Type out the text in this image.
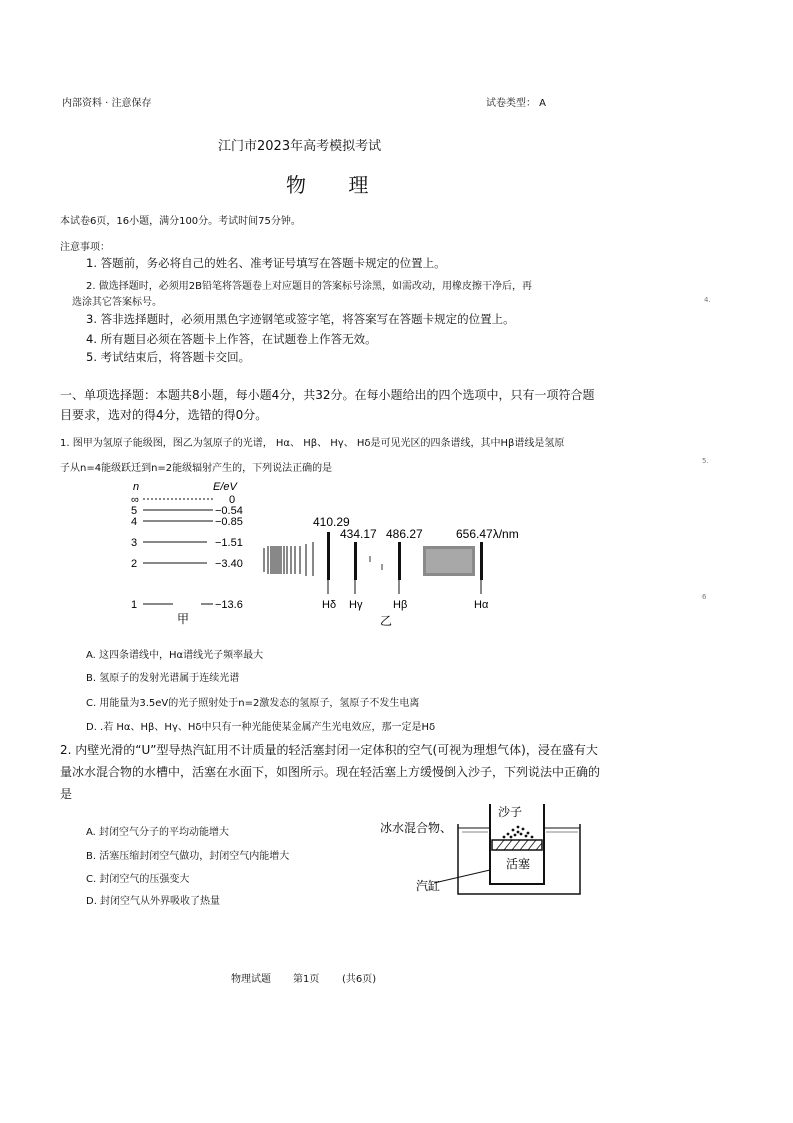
内部资料 · 注意保存	试卷类型： A
江门市2023年高考模拟考试
物 理
本试卷6页，16小题，满分100分。考试时间75分钟。
注意事项：
1. 答题前，务必将自己的姓名、准考证号填写在答题卡规定的位置上。
2. 做选择题时，必须用2B铅笔将答题卷上对应题目的答案标号涂黑，如需改动，用橡皮擦干净后，再
选涂其它答案标号。
3. 答非选择题时，必须用黑色字迹钢笔或签字笔，将答案写在答题卡规定的位置上。
4. 所有题目必须在答题卡上作答，在试题卷上作答无效。
5. 考试结束后，将答题卡交回。
一、单项选择题：本题共8小题，每小题4分，共32分。在每小题给出的四个选项中，只有一项符合题
目要求，选对的得4分，选错的得0分。
1. 图甲为氢原子能级图，图乙为氢原子的光谱， Hα、 Hβ、 Hγ、 Hδ是可见光区的四条谱线，其中Hβ谱线是氢原
子从n=4能级跃迁到n=2能级辐射产生的，下列说法正确的是
n	E/eV
∞	0
5	−0.54
4	−0.85
3	−1.51
2	−3.40
1	−13.6
甲
410.29
434.17 486.27	656.47λ/nm
Hδ Hγ	Hβ	Hα
乙
A. 这四条谱线中，Hα谱线光子频率最大
B. 氢原子的发射光谱属于连续光谱
C. 用能量为3.5eV的光子照射处于n=2激发态的氢原子，氢原子不发生电离
D. .若 Hα、Hβ、Hγ、Hδ中只有一种光能使某金属产生光电效应，那一定是Hδ
2. 内壁光滑的“U”型导热汽缸用不计质量的轻活塞封闭一定体积的空气(可视为理想气体)，浸在盛有大
量冰水混合物的水槽中，活塞在水面下，如图所示。现在轻活塞上方缓慢倒入沙子，下列说法中正确的
是
A. 封闭空气分子的平均动能增大
B. 活塞压缩封闭空气做功，封闭空气内能增大
C. 封闭空气的压强变大
D. 封闭空气从外界吸收了热量
沙子
冰水混合物、
活塞
汽缸
4.
5.
6
物理试题 第1页 (共6页)
